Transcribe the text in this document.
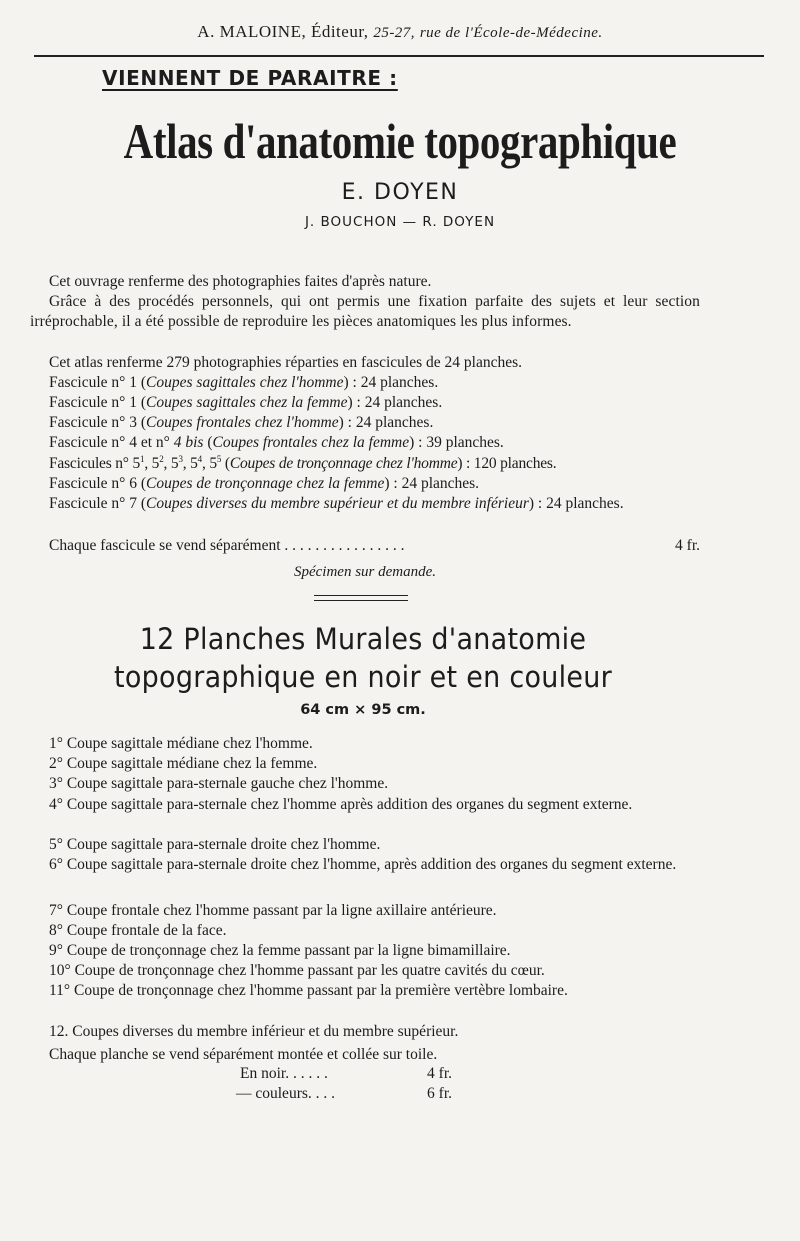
A. MALOINE, Éditeur, 25-27, rue de l'École-de-Médecine.
VIENNENT DE PARAITRE :
Atlas d'anatomie topographique
E. DOYEN
J. BOUCHON — R. DOYEN
Cet ouvrage renferme des photographies faites d'après nature.
Grâce à des procédés personnels, qui ont permis une fixation parfaite des sujets et leur section irréprochable, il a été possible de reproduire les pièces anatomiques les plus informes.
Cet atlas renferme 279 photographies réparties en fascicules de 24 planches.
Fascicule n° 1 (Coupes sagittales chez l'homme) : 24 planches.
Fascicule n° 1 (Coupes sagittales chez la femme) : 24 planches.
Fascicule n° 3 (Coupes frontales chez l'homme) : 24 planches.
Fascicule n° 4 et n° 4 bis (Coupes frontales chez la femme) : 39 planches.
Fascicules n° $5^1$, $5^2$, $5^3$, $5^4$, $5^5$ (Coupes de tronçonnage chez l'homme) : 120 planches.
Fascicule n° 6 (Coupes de tronçonnage chez la femme) : 24 planches.
Fascicule n° 7 (Coupes diverses du membre supérieur et du membre inférieur) : 24 planches.
Chaque fascicule se vend séparément . . . . . . . . . . . . . . . .	4 fr.
Spécimen sur demande.
12 Planches Murales d'anatomie
topographique en noir et en couleur
64 cm × 95 cm.
1° Coupe sagittale médiane chez l'homme.
2° Coupe sagittale médiane chez la femme.
3° Coupe sagittale para-sternale gauche chez l'homme.
4° Coupe sagittale para-sternale chez l'homme après addition des organes du segment externe.
5° Coupe sagittale para-sternale droite chez l'homme.
6° Coupe sagittale para-sternale droite chez l'homme, après addition des organes du segment externe.
7° Coupe frontale chez l'homme passant par la ligne axillaire antérieure.
8° Coupe frontale de la face.
9° Coupe de tronçonnage chez la femme passant par la ligne bimamillaire.
10° Coupe de tronçonnage chez l'homme passant par les quatre cavités du cœur.
11° Coupe de tronçonnage chez l'homme passant par la première vertèbre lombaire.
12. Coupes diverses du membre inférieur et du membre supérieur.
Chaque planche se vend séparément montée et collée sur toile.
En noir. . . . . .	4 fr.
— couleurs. . . .	6 fr.
